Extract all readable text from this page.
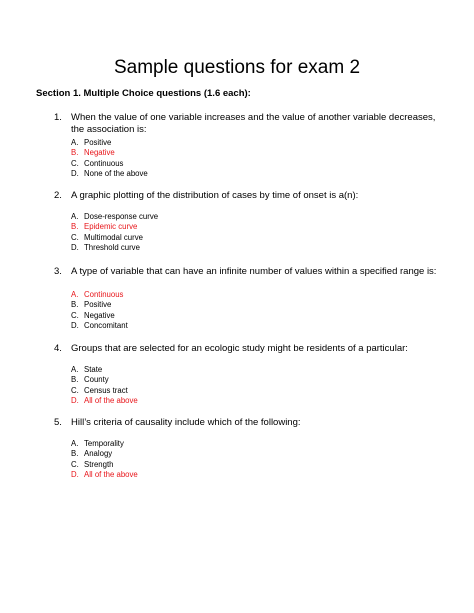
Sample questions for exam 2
Section 1. Multiple Choice questions (1.6 each):
1. When the value of one variable increases and the value of another variable decreases, the association is:
A. Positive
B. Negative
C. Continuous
D. None of the above
2. A graphic plotting of the distribution of cases by time of onset is a(n):
A. Dose-response curve
B. Epidemic curve
C. Multimodal curve
D. Threshold curve
3. A type of variable that can have an infinite number of values within a specified range is:
A. Continuous
B. Positive
C. Negative
D. Concomitant
4. Groups that are selected for an ecologic study might be residents of a particular:
A. State
B. County
C. Census tract
D. All of the above
5. Hill’s criteria of causality include which of the following:
A. Temporality
B. Analogy
C. Strength
D. All of the above
